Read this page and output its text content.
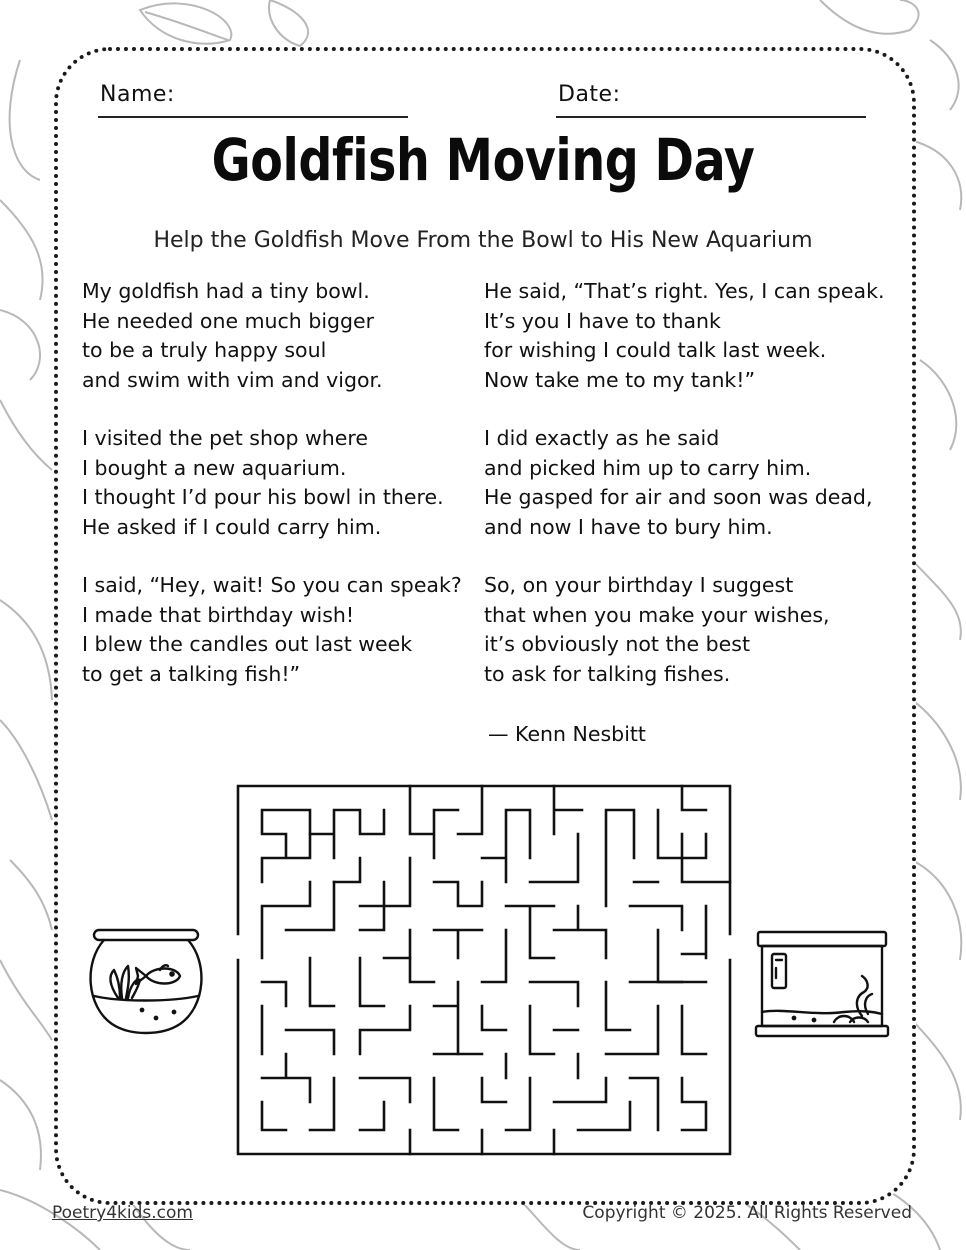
Name:	Date:
Goldfish Moving Day
Help the Goldfish Move From the Bowl to His New Aquarium
My goldfish had a tiny bowl.
He needed one much bigger
to be a truly happy soul
and swim with vim and vigor.
I visited the pet shop where
I bought a new aquarium.
I thought I’d pour his bowl in there.
He asked if I could carry him.
I said, “Hey, wait! So you can speak?
I made that birthday wish!
I blew the candles out last week
to get a talking fish!”
He said, “That’s right. Yes, I can speak.
It’s you I have to thank
for wishing I could talk last week.
Now take me to my tank!”
I did exactly as he said
and picked him up to carry him.
He gasped for air and soon was dead,
and now I have to bury him.
So, on your birthday I suggest
that when you make your wishes,
it’s obviously not the best
to ask for talking fishes.
— Kenn Nesbitt
Poetry4kids.com	Copyright © 2025. All Rights Reserved
